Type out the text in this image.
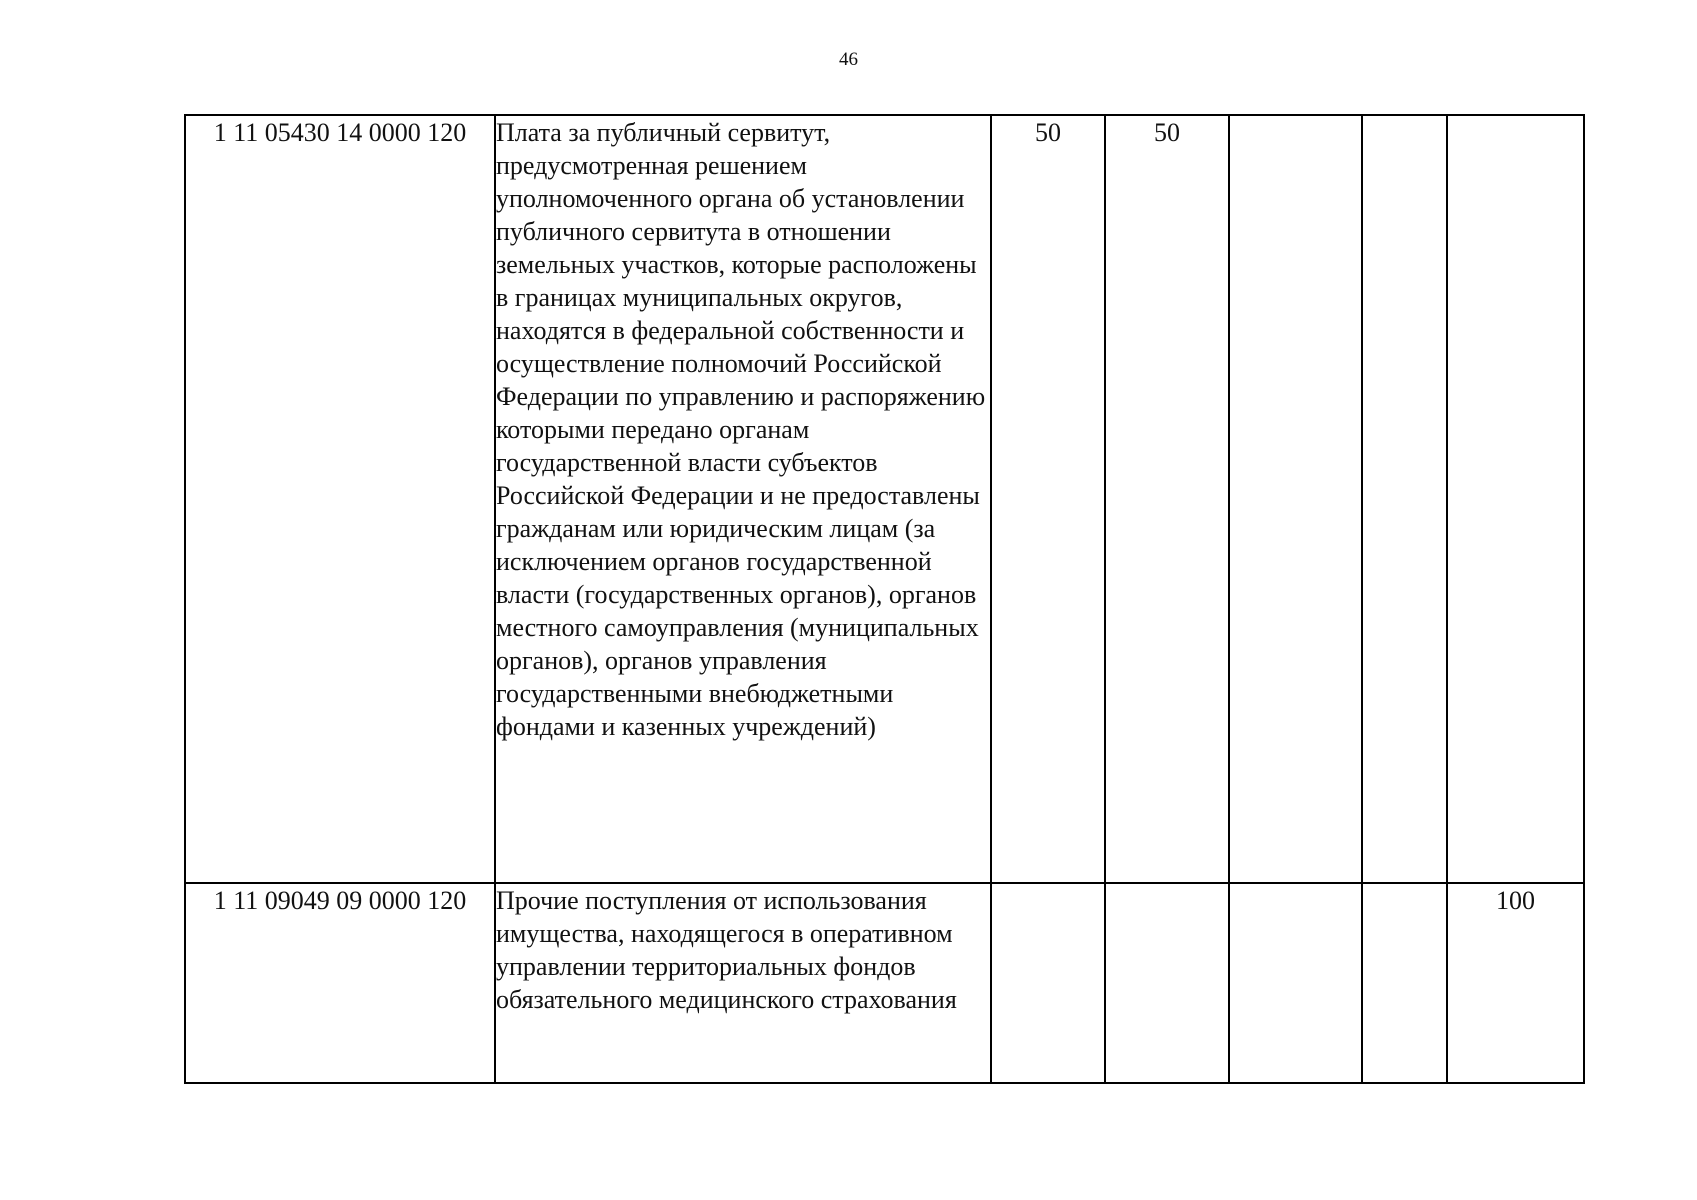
46
1 11 05430 14 0000 120	Плата за публичный сервитут, предусмотренная решением уполномоченного органа об установлении публичного сервитута в отношении земельных участков, которые расположены в границах муниципальных округов, находятся в федеральной собственности и осуществление полномочий Российской Федерации по управлению и распоряжению которыми передано органам государственной власти субъектов Российской Федерации и не предоставлены гражданам или юридическим лицам (за исключением органов государственной власти (государственных органов), органов местного самоуправления (муниципальных органов), органов управления государственными внебюджетными фондами и казенных учреждений)	50	50			
1 11 09049 09 0000 120	Прочие поступления от использования имущества, находящегося в оперативном управлении территориальных фондов обязательного медицинского страхования					100
